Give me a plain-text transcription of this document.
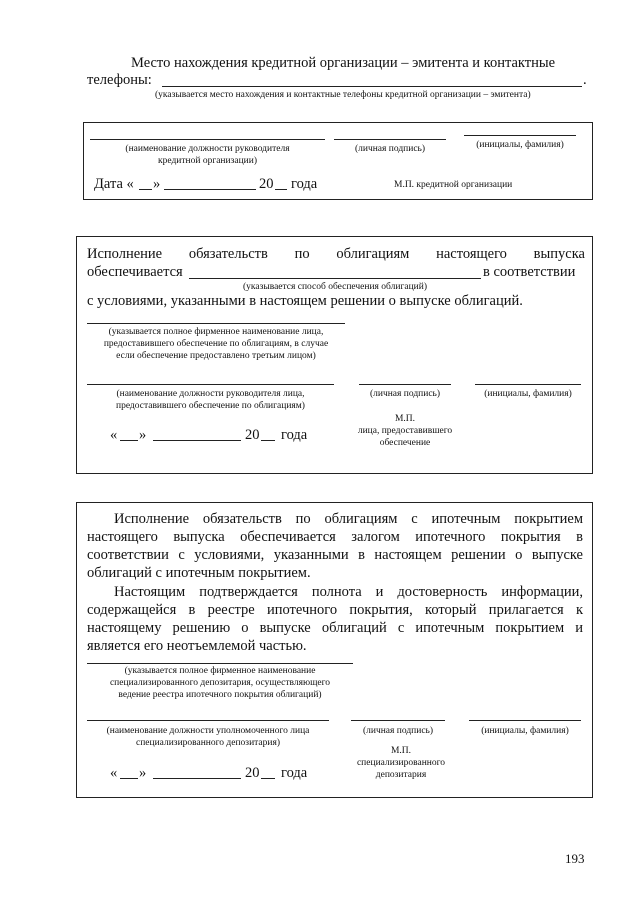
Место нахождения кредитной организации – эмитента и контактные
телефоны:	.
(указывается место нахождения и контактные телефоны кредитной организации – эмитента)
(наименование должности руководителя
кредитной организации)
(личная подпись)	(инициалы, фамилия)
Дата « »	20 года	М.П. кредитной организации
Исполнение обязательств по облигациям настоящего выпуска
обеспечивается	в соответствии
(указывается способ обеспечения облигаций)
с условиями, указанными в настоящем решении о выпуске облигаций.
(указывается полное фирменное наименование лица,
предоставившего обеспечение по облигациям, в случае
если обеспечение предоставлено третьим лицом)
(наименование должности руководителя лица,
предоставившего обеспечение по облигациям)
(личная подпись)	(инициалы, фамилия)
« »	20 года
М.П.
лица, предоставившего
обеспечение
Исполнение обязательств по облигациям с ипотечным покрытием
настоящего выпуска обеспечивается залогом ипотечного покрытия в
соответствии с условиями, указанными в настоящем решении о выпуске
облигаций с ипотечным покрытием.
Настоящим подтверждается полнота и достоверность информации,
содержащейся в реестре ипотечного покрытия, который прилагается к
настоящему решению о выпуске облигаций с ипотечным покрытием и
является его неотъемлемой частью.
(указывается полное фирменное наименование
специализированного депозитария, осуществляющего
ведение реестра ипотечного покрытия облигаций)
(наименование должности уполномоченного лица
специализированного депозитария)
(личная подпись)	(инициалы, фамилия)
« »	20 года
М.П.
специализированного
депозитария
193
